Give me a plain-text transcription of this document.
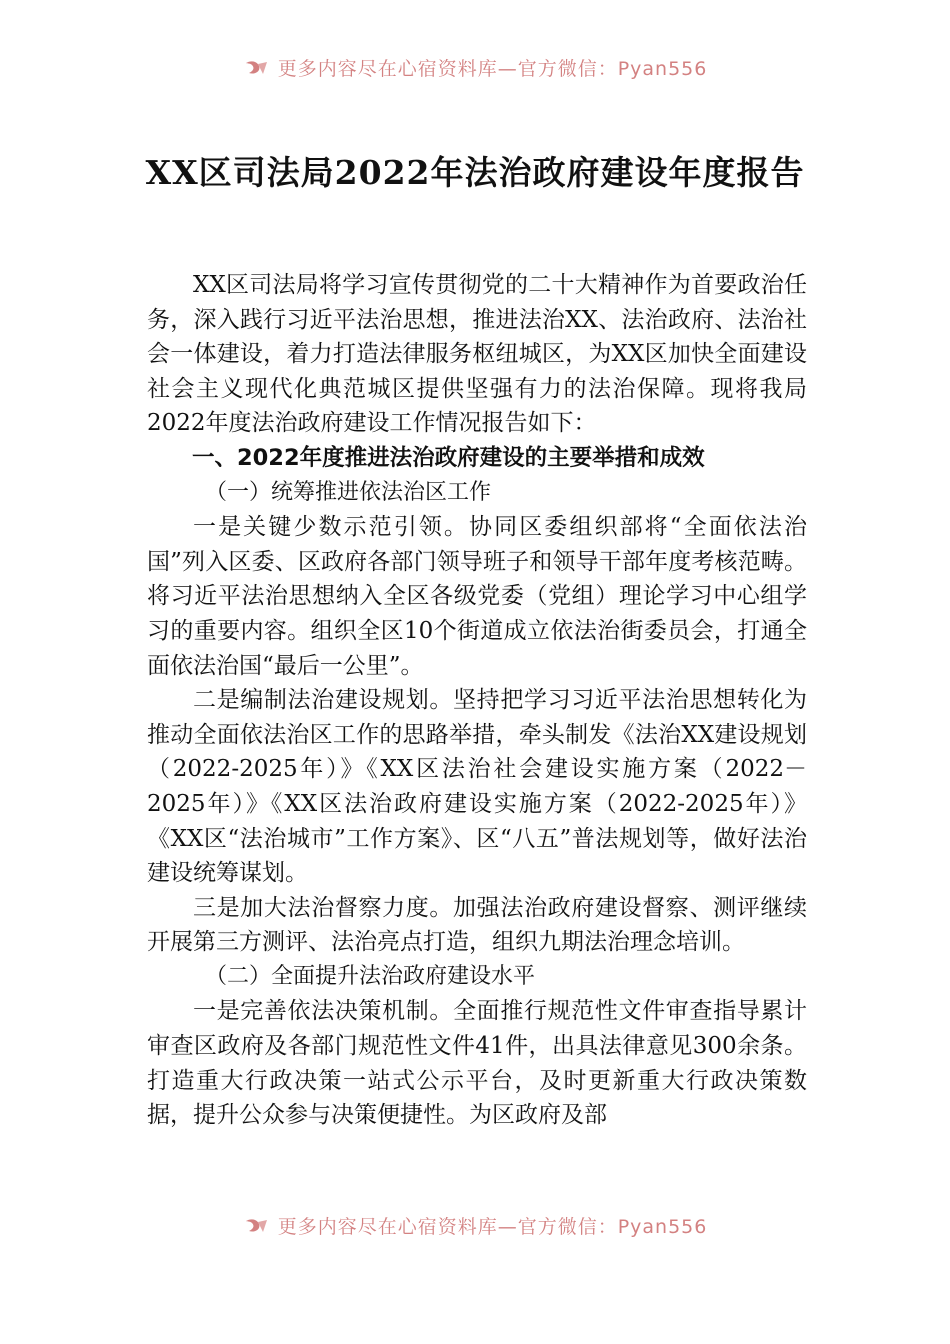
更多内容尽在心宿资料库—官方微信：Pyan556
XX区司法局2022年法治政府建设年度报告

XX区司法局将学习宣传贯彻党的二十大精神作为首要政治任务，深入践行习近平法治思想，推进法治XX、法治政府、法治社会一体建设，着力打造法律服务枢纽城区，为XX区加快全面建设社会主义现代化典范城区提供坚强有力的法治保障。现将我局2022年度法治政府建设工作情况报告如下：

一、2022年度推进法治政府建设的主要举措和成效

（一）统筹推进依法治区工作

一是关键少数示范引领。协同区委组织部将“全面依法治国”列入区委、区政府各部门领导班子和领导干部年度考核范畴。将习近平法治思想纳入全区各级党委（党组）理论学习中心组学习的重要内容。组织全区10个街道成立依法治街委员会，打通全面依法治国“最后一公里”。

二是编制法治建设规划。坚持把学习习近平法治思想转化为推动全面依法治区工作的思路举措，牵头制发《法治XX建设规划（2022-2025年）》《XX区法治社会建设实施方案（2022－2025年）》《XX区法治政府建设实施方案（2022-2025年）》《XX区“法治城市”工作方案》、区“八五”普法规划等，做好法治建设统筹谋划。

三是加大法治督察力度。加强法治政府建设督察、测评继续开展第三方测评、法治亮点打造，组织九期法治理念培训。

（二）全面提升法治政府建设水平

一是完善依法决策机制。全面推行规范性文件审查指导累计审查区政府及各部门规范性文件41件，出具法律意见300余条。打造重大行政决策一站式公示平台，及时更新重大行政决策数据，提升公众参与决策便捷性。为区政府及部

更多内容尽在心宿资料库—官方微信：Pyan556
